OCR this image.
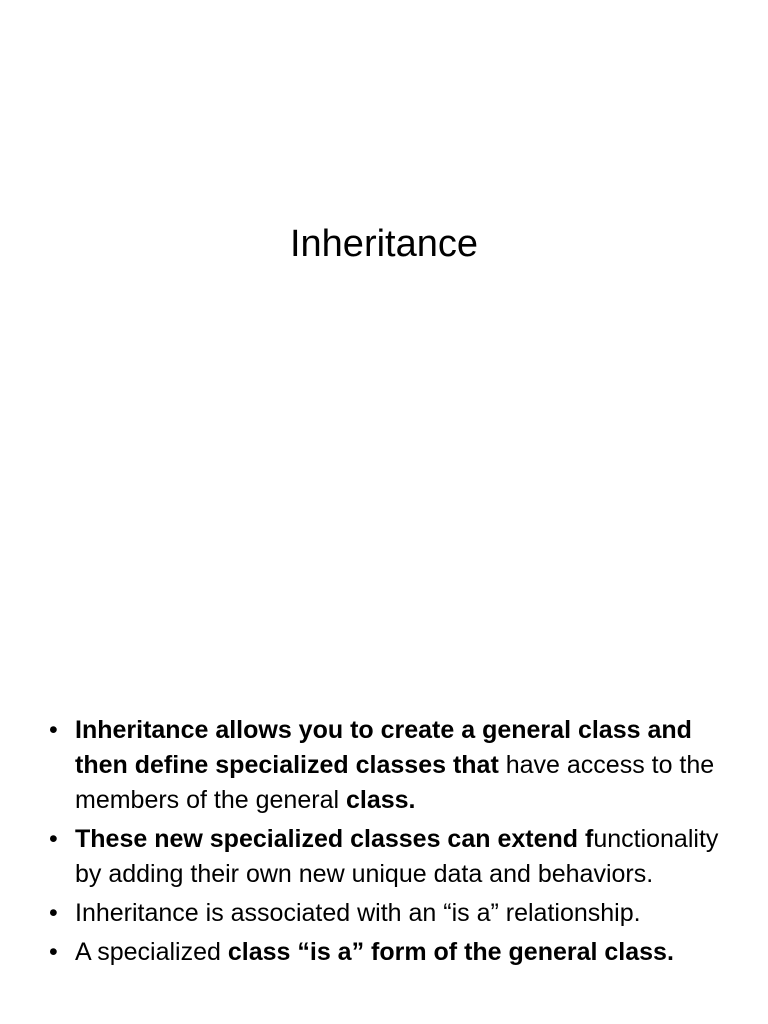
Inheritance
• Inheritance allows you to create a general class and then define specialized classes that have access to the members of the general class.
• These new specialized classes can extend functionality by adding their own new unique data and behaviors.
• Inheritance is associated with an “is a” relationship.
• A specialized class “is a” form of the general class.
